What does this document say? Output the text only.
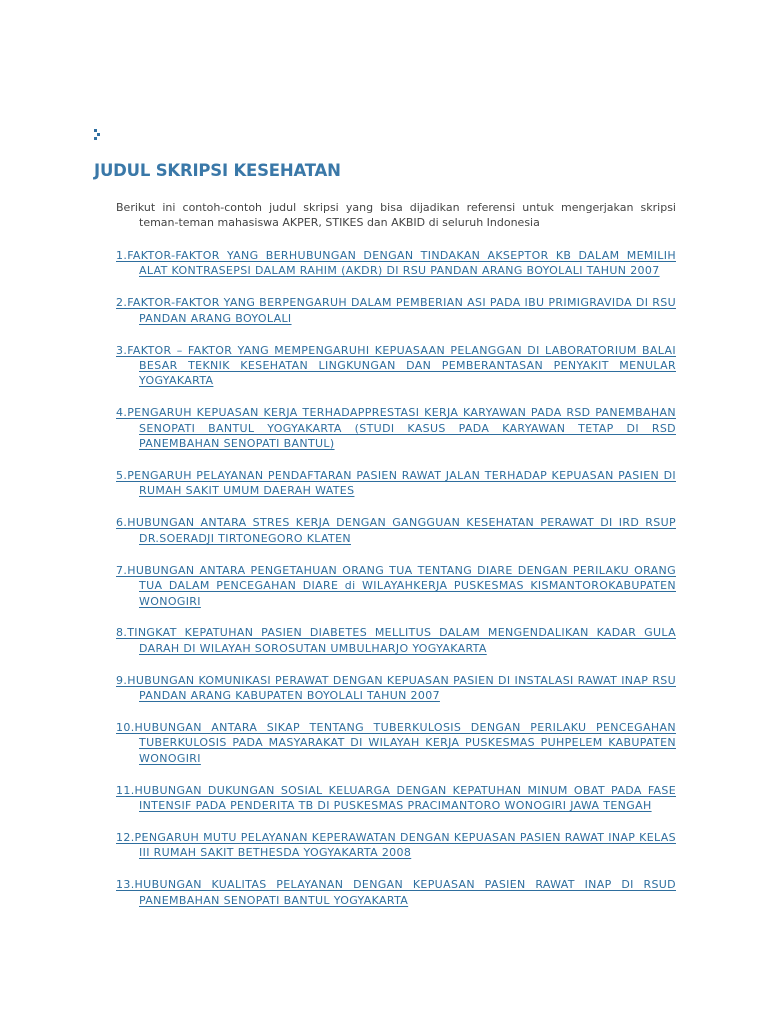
JUDUL SKRIPSI KESEHATAN

Berikut ini contoh-contoh judul skripsi yang bisa dijadikan referensi untuk mengerjakan skripsi teman-teman mahasiswa AKPER, STIKES dan AKBID di seluruh Indonesia

1.FAKTOR-FAKTOR YANG BERHUBUNGAN DENGAN TINDAKAN AKSEPTOR KB DALAM MEMILIH ALAT KONTRASEPSI DALAM RAHIM (AKDR) DI RSU PANDAN ARANG BOYOLALI TAHUN 2007
2.FAKTOR-FAKTOR YANG BERPENGARUH DALAM PEMBERIAN ASI PADA IBU PRIMIGRAVIDA DI RSU PANDAN ARANG BOYOLALI
3.FAKTOR – FAKTOR YANG MEMPENGARUHI KEPUASAAN PELANGGAN DI LABORATORIUM BALAI BESAR TEKNIK KESEHATAN LINGKUNGAN DAN PEMBERANTASAN PENYAKIT MENULAR YOGYAKARTA
4.PENGARUH KEPUASAN KERJA TERHADAPPRESTASI KERJA KARYAWAN PADA RSD PANEMBAHAN SENOPATI BANTUL YOGYAKARTA (STUDI KASUS PADA KARYAWAN TETAP DI RSD PANEMBAHAN SENOPATI BANTUL)
5.PENGARUH PELAYANAN PENDAFTARAN PASIEN RAWAT JALAN TERHADAP KEPUASAN PASIEN DI RUMAH SAKIT UMUM DAERAH WATES
6.HUBUNGAN ANTARA STRES KERJA DENGAN GANGGUAN KESEHATAN PERAWAT DI IRD RSUP DR.SOERADJI TIRTONEGORO KLATEN
7.HUBUNGAN ANTARA PENGETAHUAN ORANG TUA TENTANG DIARE DENGAN PERILAKU ORANG TUA DALAM PENCEGAHAN DIARE di WILAYAHKERJA PUSKESMAS KISMANTOROKABUPATEN WONOGIRI
8.TINGKAT KEPATUHAN PASIEN DIABETES MELLITUS DALAM MENGENDALIKAN KADAR GULA DARAH DI WILAYAH SOROSUTAN UMBULHARJO YOGYAKARTA
9.HUBUNGAN KOMUNIKASI PERAWAT DENGAN KEPUASAN PASIEN DI INSTALASI RAWAT INAP RSU PANDAN ARANG KABUPATEN BOYOLALI TAHUN 2007
10.HUBUNGAN ANTARA SIKAP TENTANG TUBERKULOSIS DENGAN PERILAKU PENCEGAHAN TUBERKULOSIS PADA MASYARAKAT DI WILAYAH KERJA PUSKESMAS PUHPELEM KABUPATEN WONOGIRI
11.HUBUNGAN DUKUNGAN SOSIAL KELUARGA DENGAN KEPATUHAN MINUM OBAT PADA FASE INTENSIF PADA PENDERITA TB DI PUSKESMAS PRACIMANTORO WONOGIRI JAWA TENGAH
12.PENGARUH MUTU PELAYANAN KEPERAWATAN DENGAN KEPUASAN PASIEN RAWAT INAP KELAS III RUMAH SAKIT BETHESDA YOGYAKARTA 2008
13.HUBUNGAN KUALITAS PELAYANAN DENGAN KEPUASAN PASIEN RAWAT INAP DI RSUD PANEMBAHAN SENOPATI BANTUL YOGYAKARTA
